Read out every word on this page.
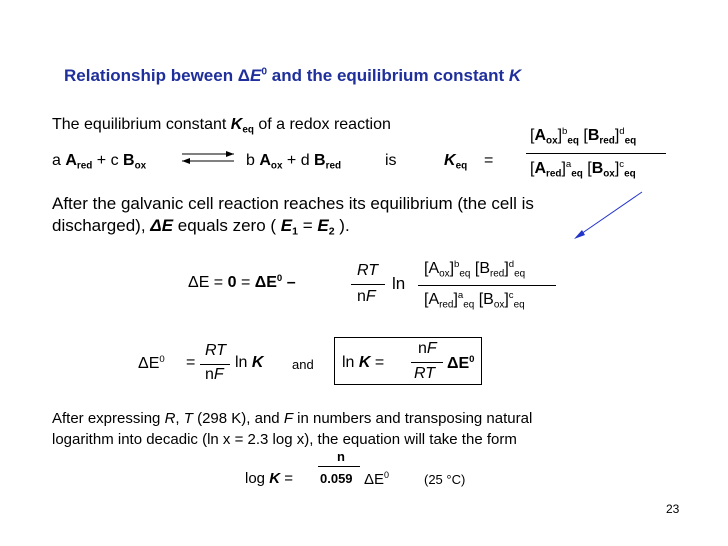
Relationship beween $\Delta E^0$ and the equilibrium constant K
The equilibrium constant $K_{eq}$ of a redox reaction
a $A_{red} + c$ $B_{ox}$ ⇌ b $A_{ox} + d$ $B_{red}$	is	$K_{eq}$ =
$[A_{ox}]^b_{eq}$ $[B_{red}]^d_{eq}$
$[A_{red}]^a_{eq}$ $[B_{ox}]^c_{eq}$
After the galvanic cell reaction reaches its equilibrium (the cell is
discharged), ΔE equals zero ( $E_1 = E_2$ ).
$\Delta E = 0 = \Delta E^0$ –
RT
nF
ln
$[A_{ox}]^b_{eq}$ $[B_{red}]^d_{eq}$
$[A_{red}]^a_{eq}$ $[B_{ox}]^c_{eq}$
$\Delta E^0$ =
RT
nF
ln K and ln K =
nF
RT
$\Delta E^0$
After expressing R, T (298 K), and F in numbers and transposing natural
logarithm into decadic (ln x = 2.3 log x), the equation will take the form
log K =
n
0.059 $\Delta E^0$	(25 °C)
23
